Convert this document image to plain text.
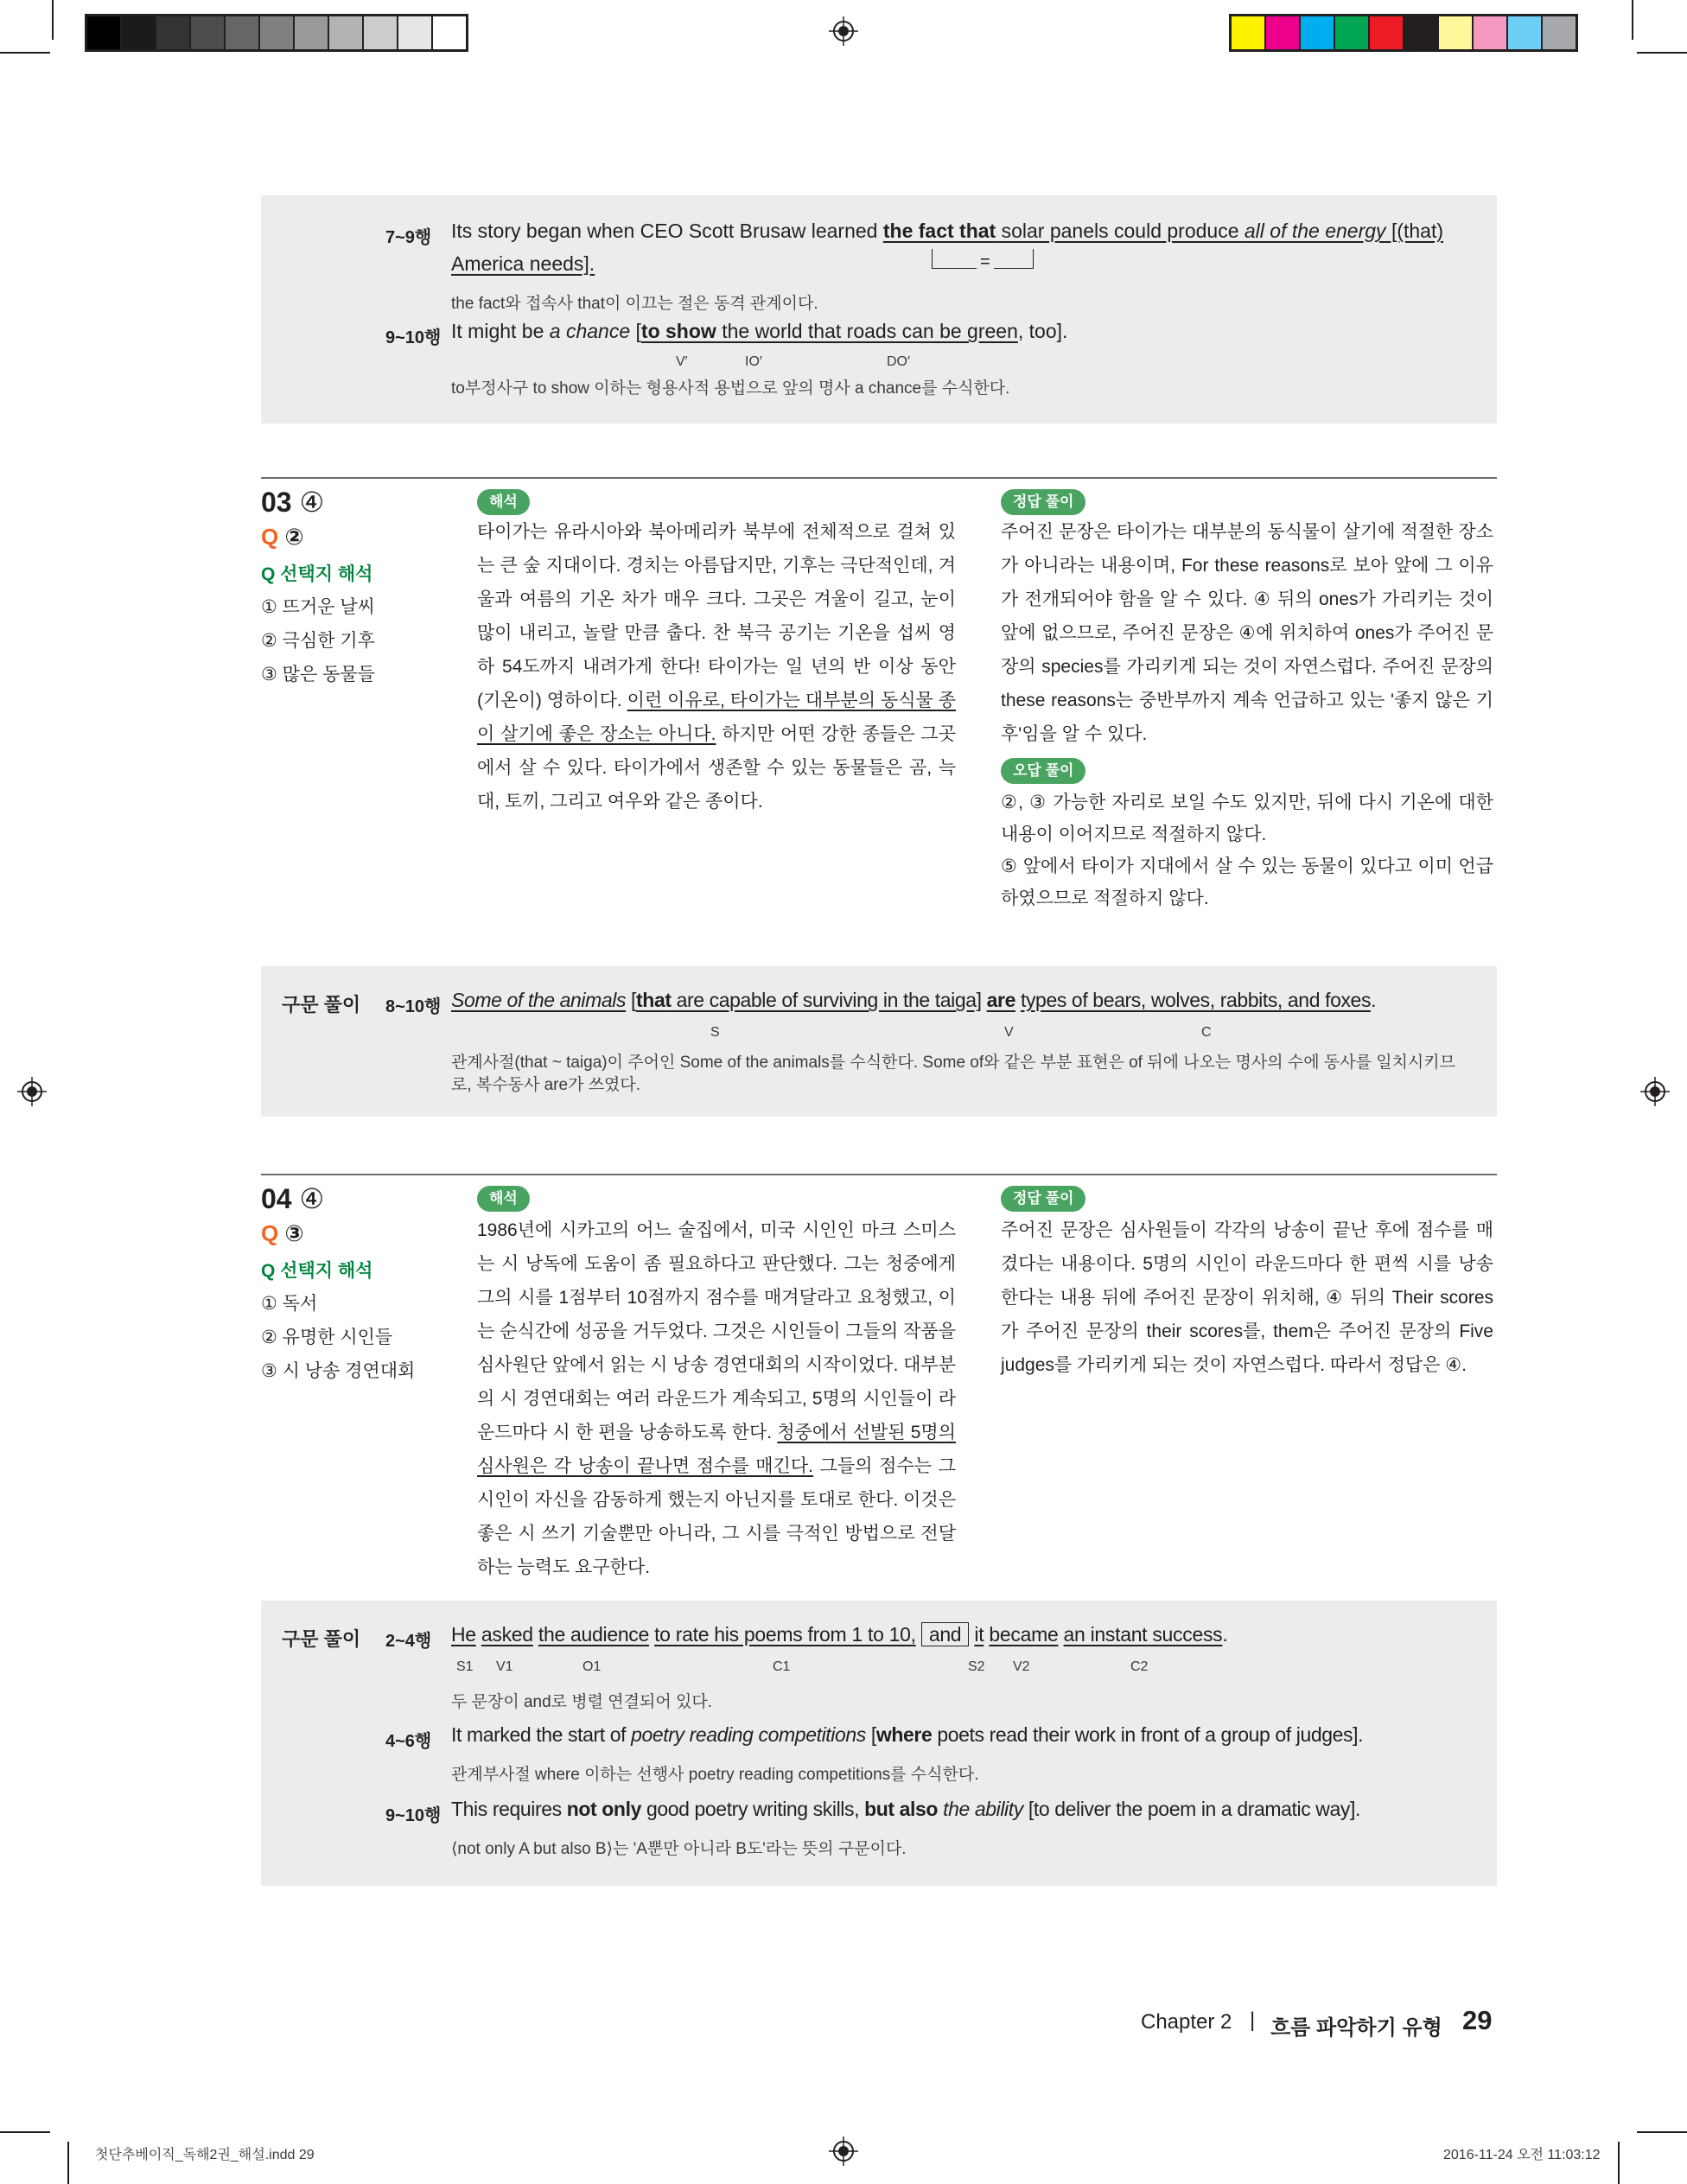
7~9행 Its story began when CEO Scott Brusaw learned the fact that solar panels could produce all of the energy [(that)
=
America needs].
the fact와 접속사 that이 이끄는 절은 동격 관계이다.
9~10행 It might be a chance [to show the world that roads can be green, too].
V′	IO′	DO′
to부정사구 to show 이하는 형용사적 용법으로 앞의 명사 a chance를 수식한다.
03 ④
Q ②
Q 선택지 해석
① 뜨거운 날씨
② 극심한 기후
③ 많은 동물들
해석

타이가는 유라시아와 북아메리카 북부에 전체적으로 걸쳐 있는 큰 숲 지대이다. 경치는 아름답지만, 기후는 극단적인데, 겨울과 여름의 기온 차가 매우 크다. 그곳은 겨울이 길고, 눈이 많이 내리고, 놀랄 만큼 춥다. 찬 북극 공기는 기온을 섭씨 영하 54도까지 내려가게 한다! 타이가는 일 년의 반 이상 동안 (기온이) 영하이다. 이런 이유로, 타이가는 대부분의 동식물 종이 살기에 좋은 장소는 아니다. 하지만 어떤 강한 종들은 그곳에서 살 수 있다. 타이가에서 생존할 수 있는 동물들은 곰, 늑대, 토끼, 그리고 여우와 같은 종이다.

정답 풀이
주어진 문장은 타이가는 대부분의 동식물이 살기에 적절한 장소가 아니라는 내용이며, For these reasons로 보아 앞에 그 이유가 전개되어야 함을 알 수 있다. ④ 뒤의 ones가 가리키는 것이 앞에 없으므로, 주어진 문장은 ④에 위치하여 ones가 주어진 문장의 species를 가리키게 되는 것이 자연스럽다. 주어진 문장의 these reasons는 중반부까지 계속 언급하고 있는 '좋지 않은 기후'임을 알 수 있다.
오답 풀이

②, ③ 가능한 자리로 보일 수도 있지만, 뒤에 다시 기온에 대한 내용이 이어지므로 적절하지 않다.

⑤ 앞에서 타이가 지대에서 살 수 있는 동물이 있다고 이미 언급하였으므로 적절하지 않다.

구문 풀이 8~10행 Some of the animals [that are capable of surviving in the taiga] are types of bears, wolves, rabbits, and foxes.
S	V	C
관계사절(that ~ taiga)이 주어인 Some of the animals를 수식한다. Some of와 같은 부분 표현은 of 뒤에 나오는 명사의 수에 동사를 일치시키므
로, 복수동사 are가 쓰였다.
04 ④
Q ③
Q 선택지 해석
① 독서
② 유명한 시인들
③ 시 낭송 경연대회
해석

1986년에 시카고의 어느 술집에서, 미국 시인인 마크 스미스는 시 낭독에 도움이 좀 필요하다고 판단했다. 그는 청중에게 그의 시를 1점부터 10점까지 점수를 매겨달라고 요청했고, 이는 순식간에 성공을 거두었다. 그것은 시인들이 그들의 작품을 심사원단 앞에서 읽는 시 낭송 경연대회의 시작이었다. 대부분의 시 경연대회는 여러 라운드가 계속되고, 5명의 시인들이 라운드마다 시 한 편을 낭송하도록 한다. 청중에서 선발된 5명의 심사원은 각 낭송이 끝나면 점수를 매긴다. 그들의 점수는 그 시인이 자신을 감동하게 했는지 아닌지를 토대로 한다. 이것은 좋은 시 쓰기 기술뿐만 아니라, 그 시를 극적인 방법으로 전달하는 능력도 요구한다.

정답 풀이
주어진 문장은 심사원들이 각각의 낭송이 끝난 후에 점수를 매겼다는 내용이다. 5명의 시인이 라운드마다 한 편씩 시를 낭송한다는 내용 뒤에 주어진 문장이 위치해, ④ 뒤의 Their scores가 주어진 문장의 their scores를, them은 주어진 문장의 Five judges를 가리키게 되는 것이 자연스럽다. 따라서 정답은 ④.
구문 풀이 2~4행 He asked the audience to rate his poems from 1 to 10, and it became an instant success.
S1 V1	O1	C1	S2 V2	C2
두 문장이 and로 병렬 연결되어 있다.
4~6행 It marked the start of poetry reading competitions [where poets read their work in front of a group of judges].
관계부사절 where 이하는 선행사 poetry reading competitions를 수식한다.
9~10행 This requires not only good poetry writing skills, but also the ability [to deliver the poem in a dramatic way].
⟨not only A but also B⟩는 'A뿐만 아니라 B도'라는 뜻의 구문이다.
Chapter 2 | 흐름 파악하기 유형 29
첫단추베이직_독해2권_해설.indd 29	2016-11-24 오전 11:03:12
